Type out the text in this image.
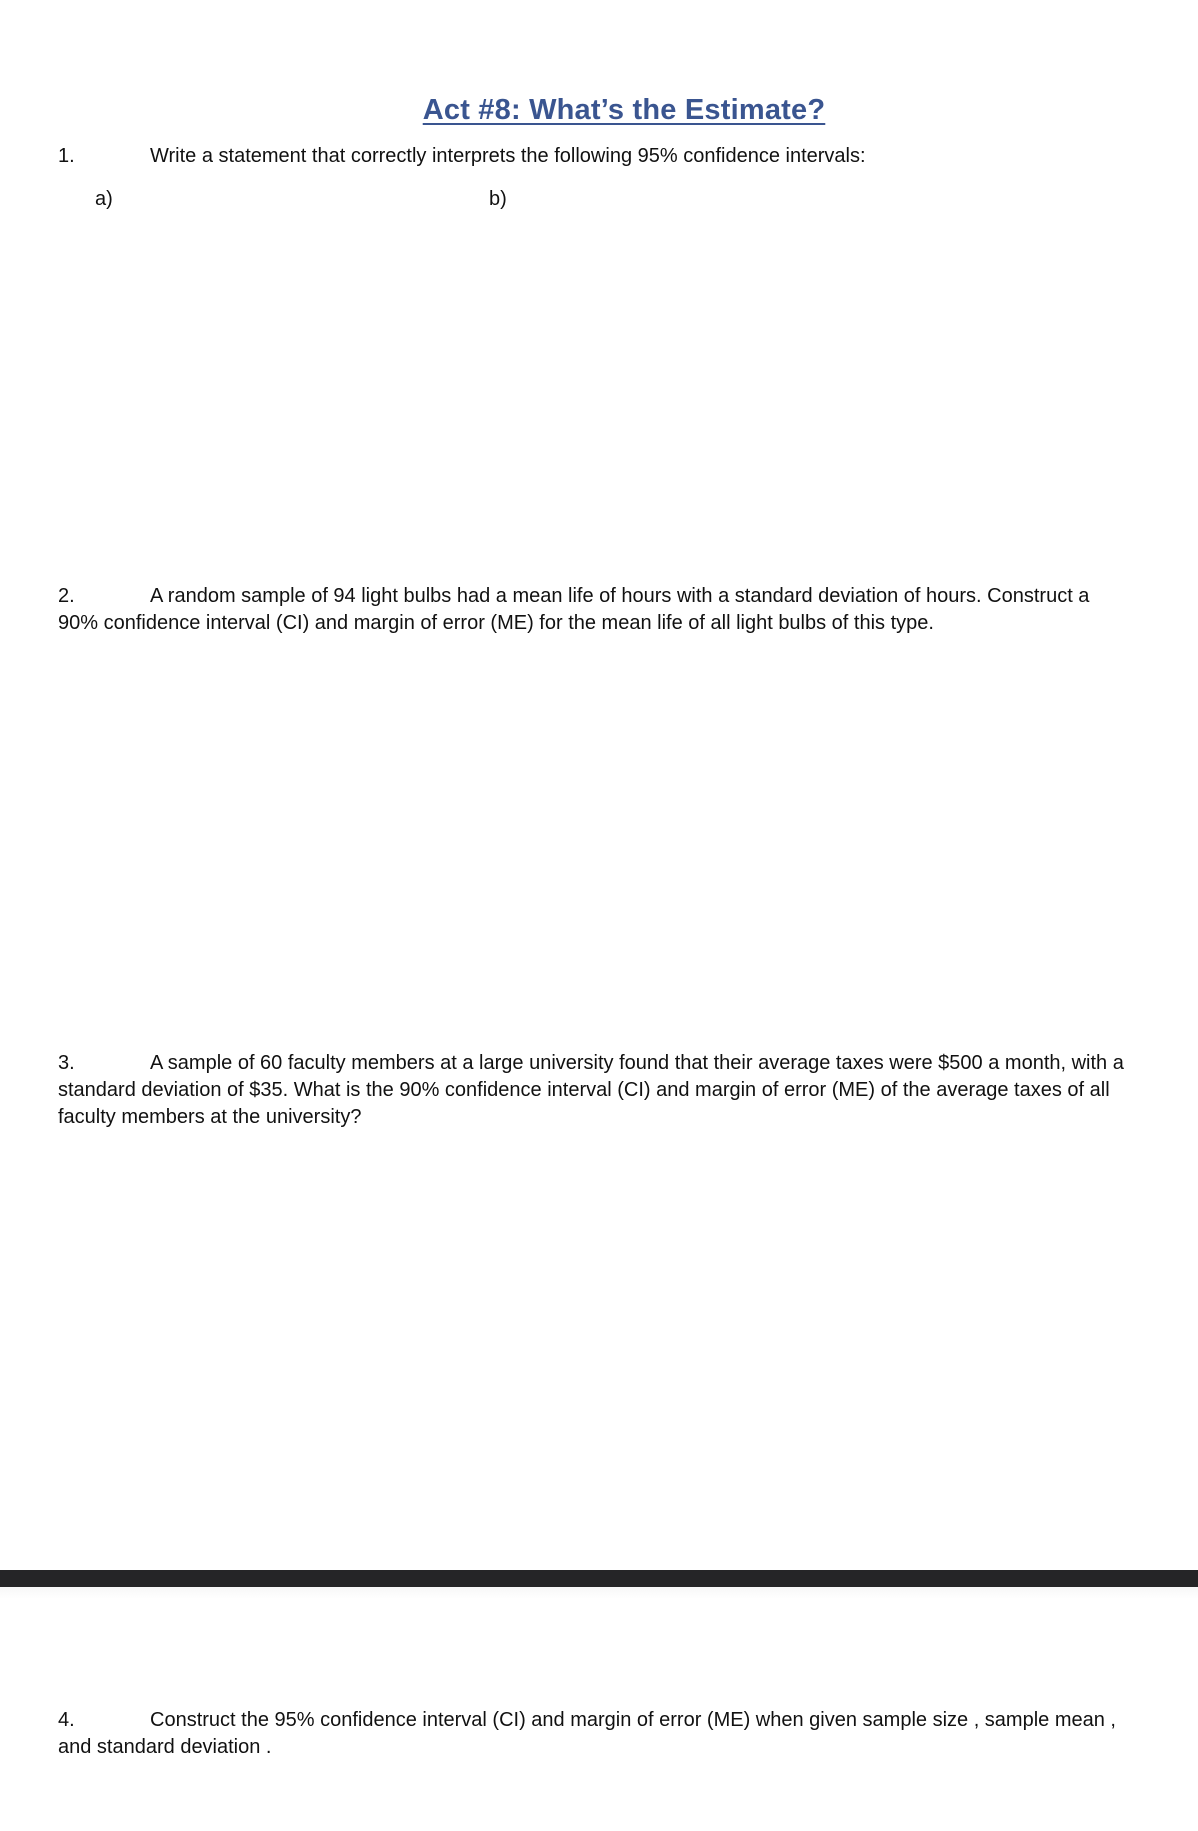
Act #8: What’s the Estimate?
1.	Write a statement that correctly interprets the following 95% confidence intervals:
a)	b)
2.	A random sample of 94 light bulbs had a mean life of hours with a standard deviation of hours. Construct a
90% confidence interval (CI) and margin of error (ME) for the mean life of all light bulbs of this type.
3.	A sample of 60 faculty members at a large university found that their average taxes were $500 a month, with a
standard deviation of $35. What is the 90% confidence interval (CI) and margin of error (ME) of the average taxes of all
faculty members at the university?
4.	Construct the 95% confidence interval (CI) and margin of error (ME) when given sample size , sample mean ,
and standard deviation .
